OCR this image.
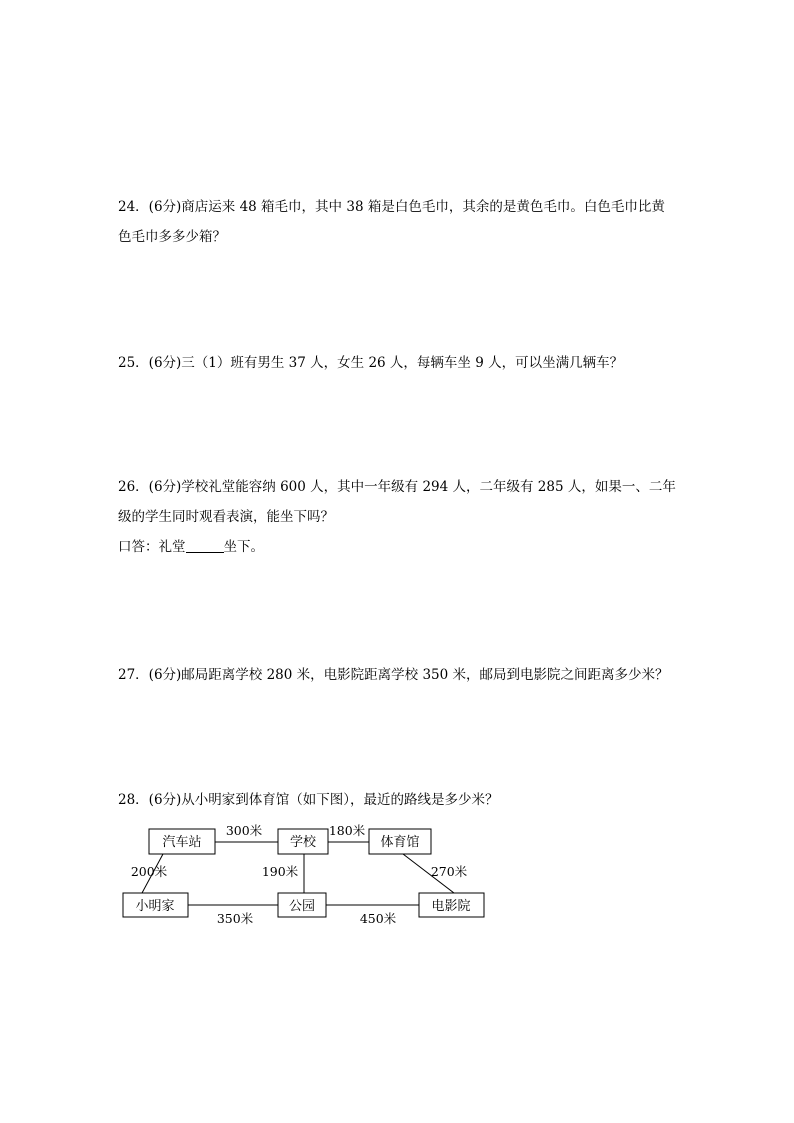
24．(6分)商店运来 48 箱毛巾，其中 38 箱是白色毛巾，其余的是黄色毛巾。白色毛巾比黄

色毛巾多多少箱？

25．(6分)三（1）班有男生 37 人，女生 26 人，每辆车坐 9 人，可以坐满几辆车？

26．(6分)学校礼堂能容纳 600 人，其中一年级有 294 人，二年级有 285 人，如果一、二年

级的学生同时观看表演，能坐下吗？

口答：礼堂	坐下。

27．(6分)邮局距离学校 280 米，电影院距离学校 350 米，邮局到电影院之间距离多少米？

28．(6分)从小明家到体育馆（如下图），最近的路线是多少米？

汽车站	学校	体育馆
小明家	公园	电影院
300米	180米
200米	190米	270米
350米	450米
